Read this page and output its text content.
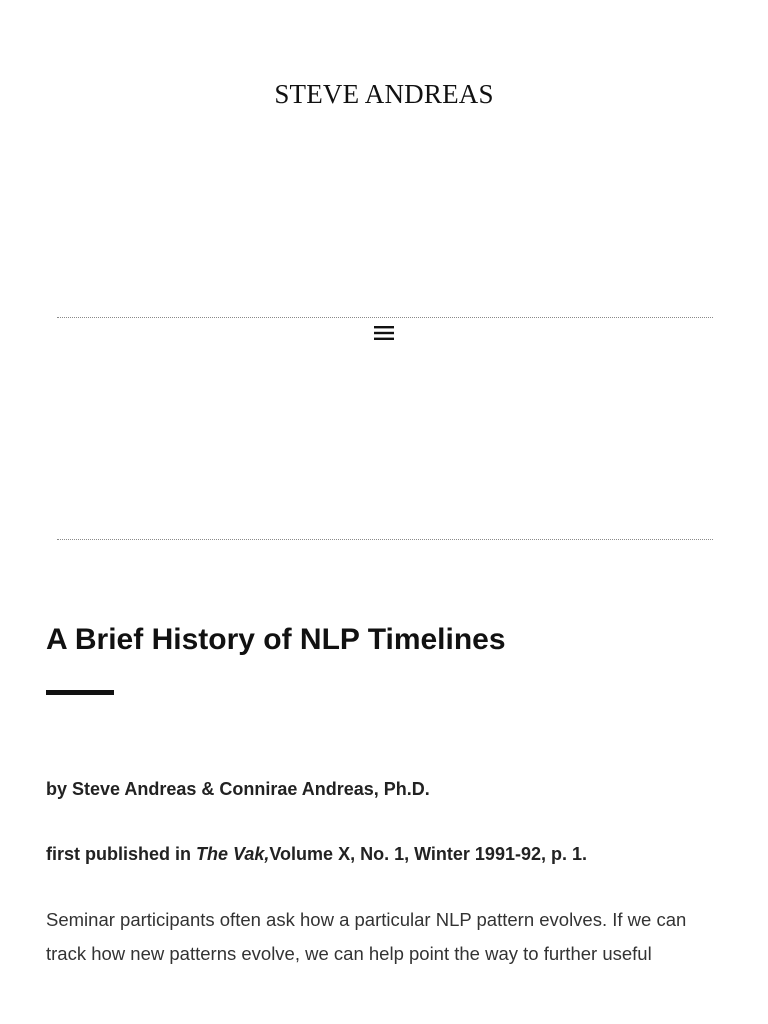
STEVE ANDREAS
A Brief History of NLP Timelines

by Steve Andreas & Connirae Andreas, Ph.D.

first published in The Vak,Volume X, No. 1, Winter 1991-92, p. 1.

Seminar participants often ask how a particular NLP pattern evolves. If we can track how new patterns evolve, we can help point the way to further useful
